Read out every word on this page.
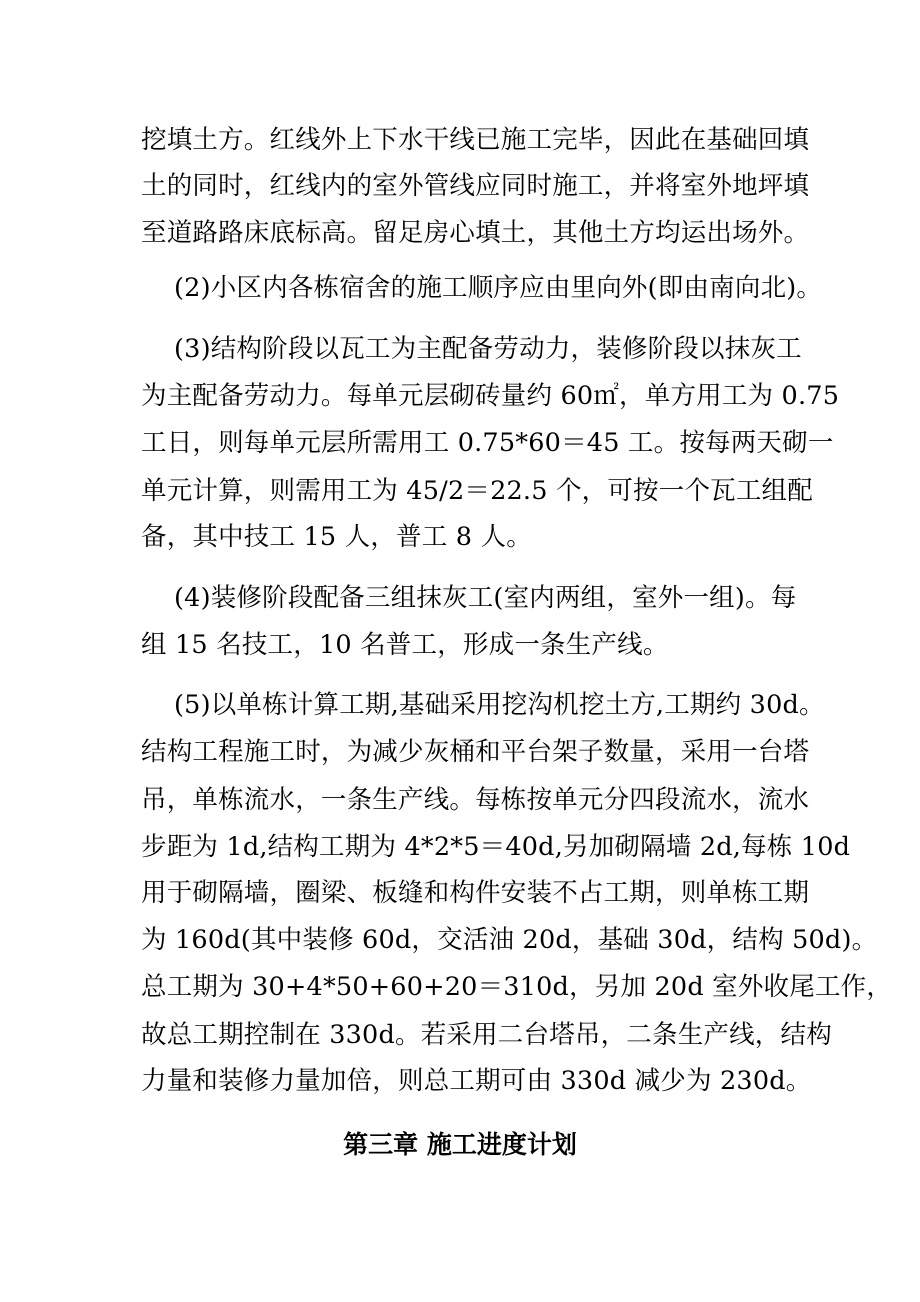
挖填土方。红线外上下水干线已施工完毕，因此在基础回填
土的同时，红线内的室外管线应同时施工，并将室外地坪填
至道路路床底标高。留足房心填土，其他土方均运出场外。
(2)小区内各栋宿舍的施工顺序应由里向外(即由南向北)。
(3)结构阶段以瓦工为主配备劳动力，装修阶段以抹灰工
为主配备劳动力。每单元层砌砖量约 60㎡，单方用工为 0.75
工日，则每单元层所需用工 0.75*60＝45 工。按每两天砌一
单元计算，则需用工为 45/2＝22.5 个，可按一个瓦工组配
备，其中技工 15 人，普工 8 人。
(4)装修阶段配备三组抹灰工(室内两组，室外一组)。每
组 15 名技工，10 名普工，形成一条生产线。
(5)以单栋计算工期,基础采用挖沟机挖土方,工期约 30d。
结构工程施工时，为减少灰桶和平台架子数量，采用一台塔
吊，单栋流水，一条生产线。每栋按单元分四段流水，流水
步距为 1d,结构工期为 4*2*5＝40d,另加砌隔墙 2d,每栋 10d
用于砌隔墙，圈梁、板缝和构件安装不占工期，则单栋工期
为 160d(其中装修 60d，交活油 20d，基础 30d，结构 50d)。
总工期为 30+4*50+60+20＝310d，另加 20d 室外收尾工作，
故总工期控制在 330d。若采用二台塔吊，二条生产线，结构
力量和装修力量加倍，则总工期可由 330d 减少为 230d。
第三章 施工进度计划
